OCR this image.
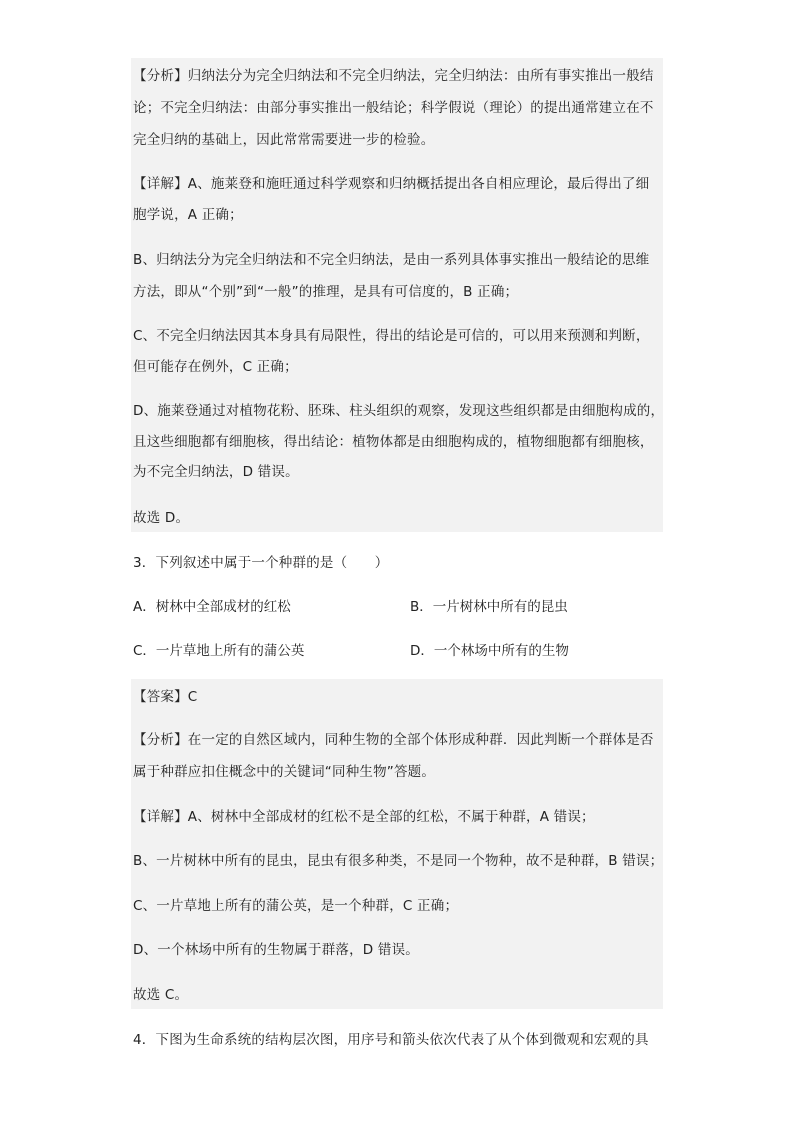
【分析】归纳法分为完全归纳法和不完全归纳法，完全归纳法：由所有事实推出一般结
论；不完全归纳法：由部分事实推出一般结论；科学假说（理论）的提出通常建立在不
完全归纳的基础上，因此常常需要进一步的检验。
【详解】A、施莱登和施旺通过科学观察和归纳概括提出各自相应理论，最后得出了细
胞学说，A 正确；
B、归纳法分为完全归纳法和不完全归纳法，是由一系列具体事实推出一般结论的思维
方法，即从“个别”到“一般”的推理，是具有可信度的，B 正确；
C、不完全归纳法因其本身具有局限性，得出的结论是可信的，可以用来预测和判断，
但可能存在例外，C 正确；
D、施莱登通过对植物花粉、胚珠、柱头组织的观察，发现这些组织都是由细胞构成的，
且这些细胞都有细胞核，得出结论：植物体都是由细胞构成的，植物细胞都有细胞核，
为不完全归纳法，D 错误。
故选 D。
3．下列叙述中属于一个种群的是（　　）
A．树林中全部成材的红松	B．一片树林中所有的昆虫
C．一片草地上所有的蒲公英	D．一个林场中所有的生物
【答案】C
【分析】在一定的自然区域内，同种生物的全部个体形成种群．因此判断一个群体是否
属于种群应扣住概念中的关键词“同种生物”答题。
【详解】A、树林中全部成材的红松不是全部的红松，不属于种群，A 错误；
B、一片树林中所有的昆虫，昆虫有很多种类，不是同一个物种，故不是种群，B 错误；
C、一片草地上所有的蒲公英，是一个种群，C 正确；
D、一个林场中所有的生物属于群落，D 错误。
故选 C。
4．下图为生命系统的结构层次图，用序号和箭头依次代表了从个体到微观和宏观的具
